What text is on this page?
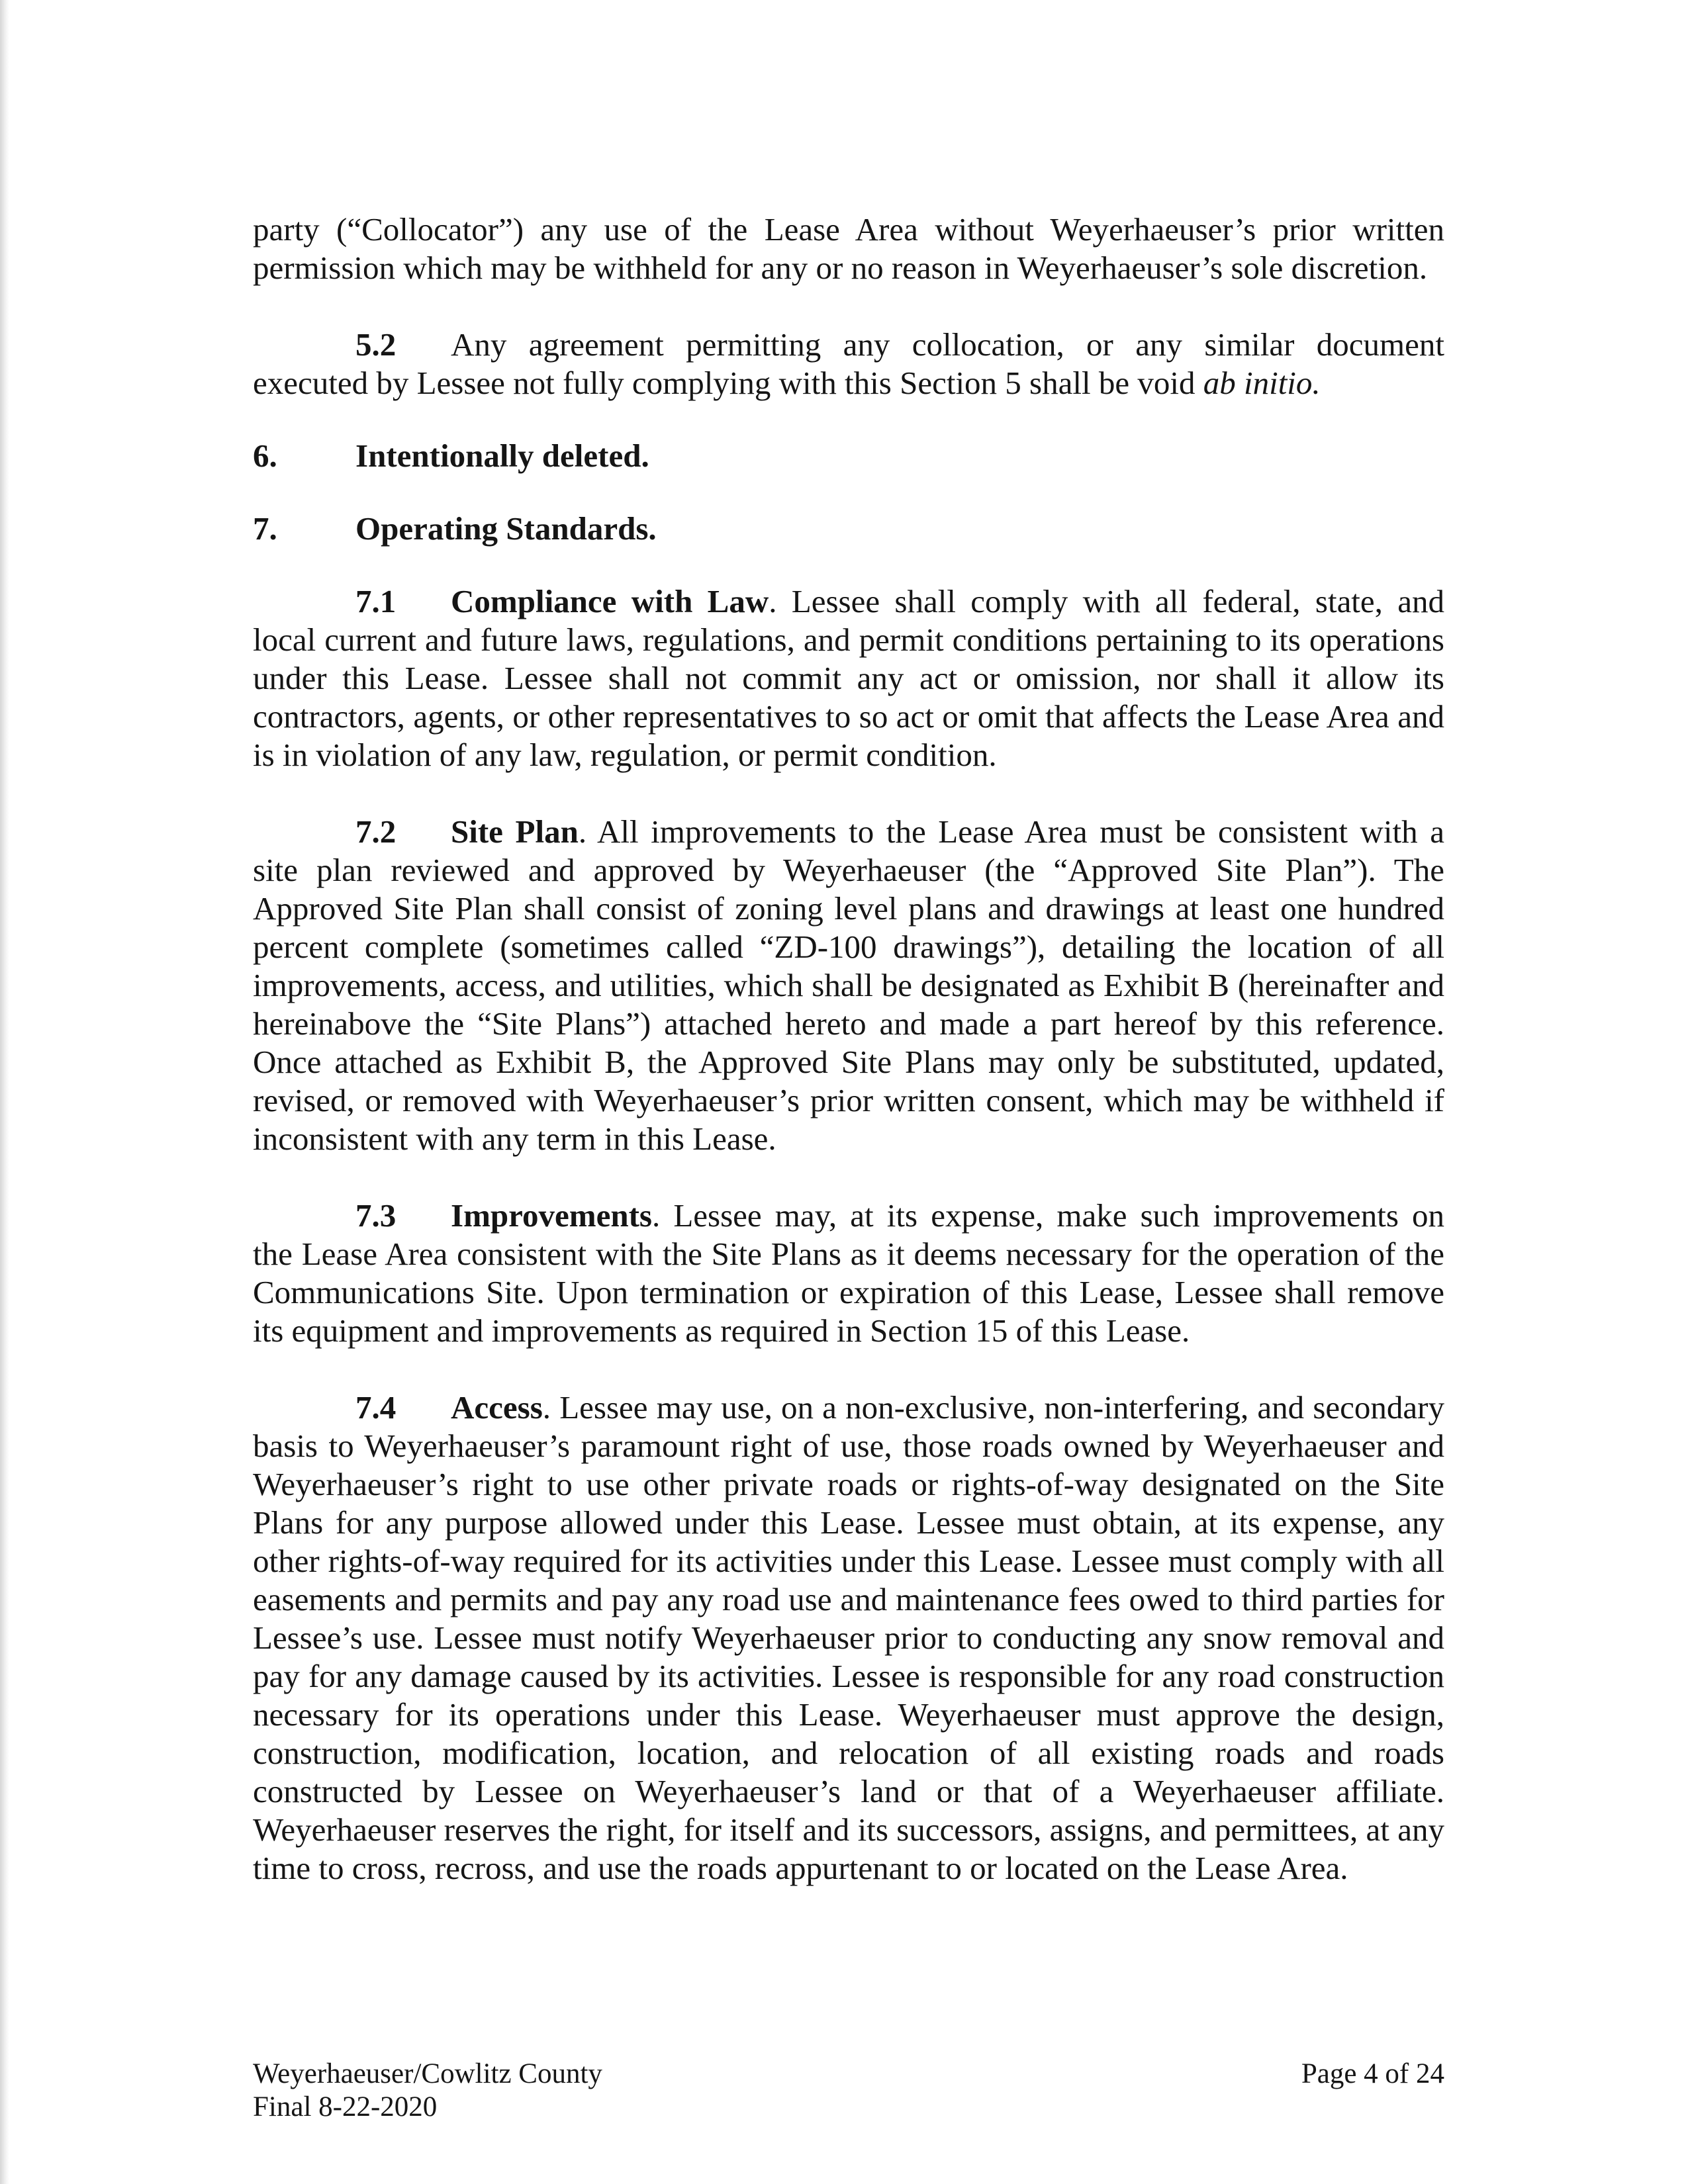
party (“Collocator”) any use of the Lease Area without Weyerhaeuser’s prior written permission which may be withheld for any or no reason in Weyerhaeuser’s sole discretion.

5.2 Any agreement permitting any collocation, or any similar document executed by Lessee not fully complying with this Section 5 shall be void ab initio.

6. Intentionally deleted.

7. Operating Standards.

7.1 Compliance with Law. Lessee shall comply with all federal, state, and local current and future laws, regulations, and permit conditions pertaining to its operations under this Lease. Lessee shall not commit any act or omission, nor shall it allow its contractors, agents, or other representatives to so act or omit that affects the Lease Area and is in violation of any law, regulation, or permit condition.

7.2 Site Plan. All improvements to the Lease Area must be consistent with a site plan reviewed and approved by Weyerhaeuser (the “Approved Site Plan”). The Approved Site Plan shall consist of zoning level plans and drawings at least one hundred percent complete (sometimes called “ZD-100 drawings”), detailing the location of all improvements, access, and utilities, which shall be designated as Exhibit B (hereinafter and hereinabove the “Site Plans”) attached hereto and made a part hereof by this reference. Once attached as Exhibit B, the Approved Site Plans may only be substituted, updated, revised, or removed with Weyerhaeuser’s prior written consent, which may be withheld if inconsistent with any term in this Lease.

7.3 Improvements. Lessee may, at its expense, make such improvements on the Lease Area consistent with the Site Plans as it deems necessary for the operation of the Communications Site. Upon termination or expiration of this Lease, Lessee shall remove its equipment and improvements as required in Section 15 of this Lease.

7.4 Access. Lessee may use, on a non-exclusive, non-interfering, and secondary basis to Weyerhaeuser’s paramount right of use, those roads owned by Weyerhaeuser and Weyerhaeuser’s right to use other private roads or rights-of-way designated on the Site Plans for any purpose allowed under this Lease. Lessee must obtain, at its expense, any other rights-of-way required for its activities under this Lease. Lessee must comply with all easements and permits and pay any road use and maintenance fees owed to third parties for Lessee’s use. Lessee must notify Weyerhaeuser prior to conducting any snow removal and pay for any damage caused by its activities. Lessee is responsible for any road construction necessary for its operations under this Lease. Weyerhaeuser must approve the design, construction, modification, location, and relocation of all existing roads and roads constructed by Lessee on Weyerhaeuser’s land or that of a Weyerhaeuser affiliate. Weyerhaeuser reserves the right, for itself and its successors, assigns, and permittees, at any time to cross, recross, and use the roads appurtenant to or located on the Lease Area.

Weyerhaeuser/Cowlitz County
Final 8-22-2020
Page 4 of 24
